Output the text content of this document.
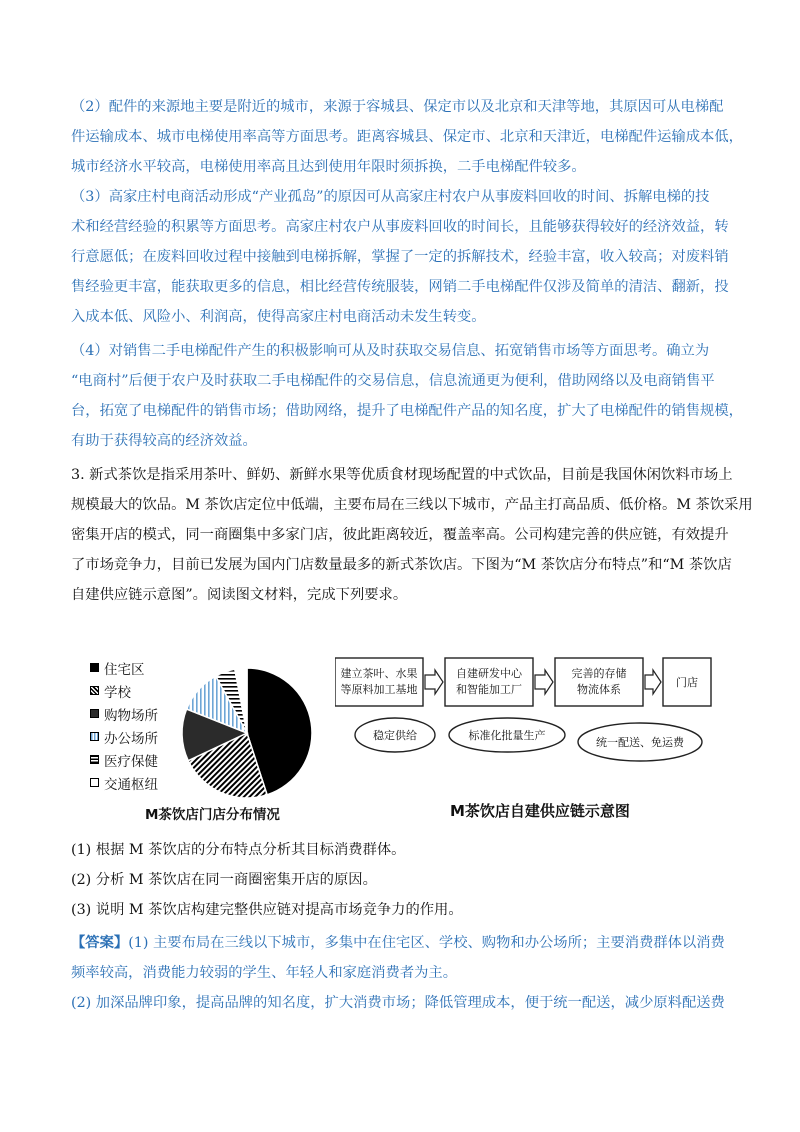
（2）配件的来源地主要是附近的城市，来源于容城县、保定市以及北京和天津等地，其原因可从电梯配
件运输成本、城市电梯使用率高等方面思考。距离容城县、保定市、北京和天津近，电梯配件运输成本低，
城市经济水平较高，电梯使用率高且达到使用年限时须拆换，二手电梯配件较多。
（3）高家庄村电商活动形成“产业孤岛”的原因可从高家庄村农户从事废料回收的时间、拆解电梯的技
术和经营经验的积累等方面思考。高家庄村农户从事废料回收的时间长，且能够获得较好的经济效益，转
行意愿低；在废料回收过程中接触到电梯拆解，掌握了一定的拆解技术，经验丰富，收入较高；对废料销
售经验更丰富，能获取更多的信息，相比经营传统服装，网销二手电梯配件仅涉及简单的清洁、翻新，投
入成本低、风险小、利润高，使得高家庄村电商活动未发生转变。
（4）对销售二手电梯配件产生的积极影响可从及时获取交易信息、拓宽销售市场等方面思考。确立为
“电商村”后便于农户及时获取二手电梯配件的交易信息，信息流通更为便利，借助网络以及电商销售平
台，拓宽了电梯配件的销售市场；借助网络，提升了电梯配件产品的知名度，扩大了电梯配件的销售规模，
有助于获得较高的经济效益。
3. 新式茶饮是指采用茶叶、鲜奶、新鲜水果等优质食材现场配置的中式饮品，目前是我国休闲饮料市场上
规模最大的饮品。M 茶饮店定位中低端，主要布局在三线以下城市，产品主打高品质、低价格。M 茶饮采用
密集开店的模式，同一商圈集中多家门店，彼此距离较近，覆盖率高。公司构建完善的供应链，有效提升
了市场竞争力，目前已发展为国内门店数量最多的新式茶饮店。下图为“M 茶饮店分布特点”和“M 茶饮店
自建供应链示意图”。阅读图文材料，完成下列要求。
住宅区
学校
购物场所
办公场所
医疗保健
交通枢纽
M茶饮店门店分布情况
建立茶叶、水果
等原料加工基地
自建研发中心
和智能加工厂
完善的存储
物流体系
门店
稳定供给	标准化批量生产
统一配送、免运费
M茶饮店自建供应链示意图
(1) 根据 M 茶饮店的分布特点分析其目标消费群体。
(2) 分析 M 茶饮店在同一商圈密集开店的原因。
(3) 说明 M 茶饮店构建完整供应链对提高市场竞争力的作用。
【答案】(1) 主要布局在三线以下城市，多集中在住宅区、学校、购物和办公场所；主要消费群体以消费
频率较高，消费能力较弱的学生、年轻人和家庭消费者为主。
(2) 加深品牌印象，提高品牌的知名度，扩大消费市场；降低管理成本，便于统一配送，减少原料配送费
